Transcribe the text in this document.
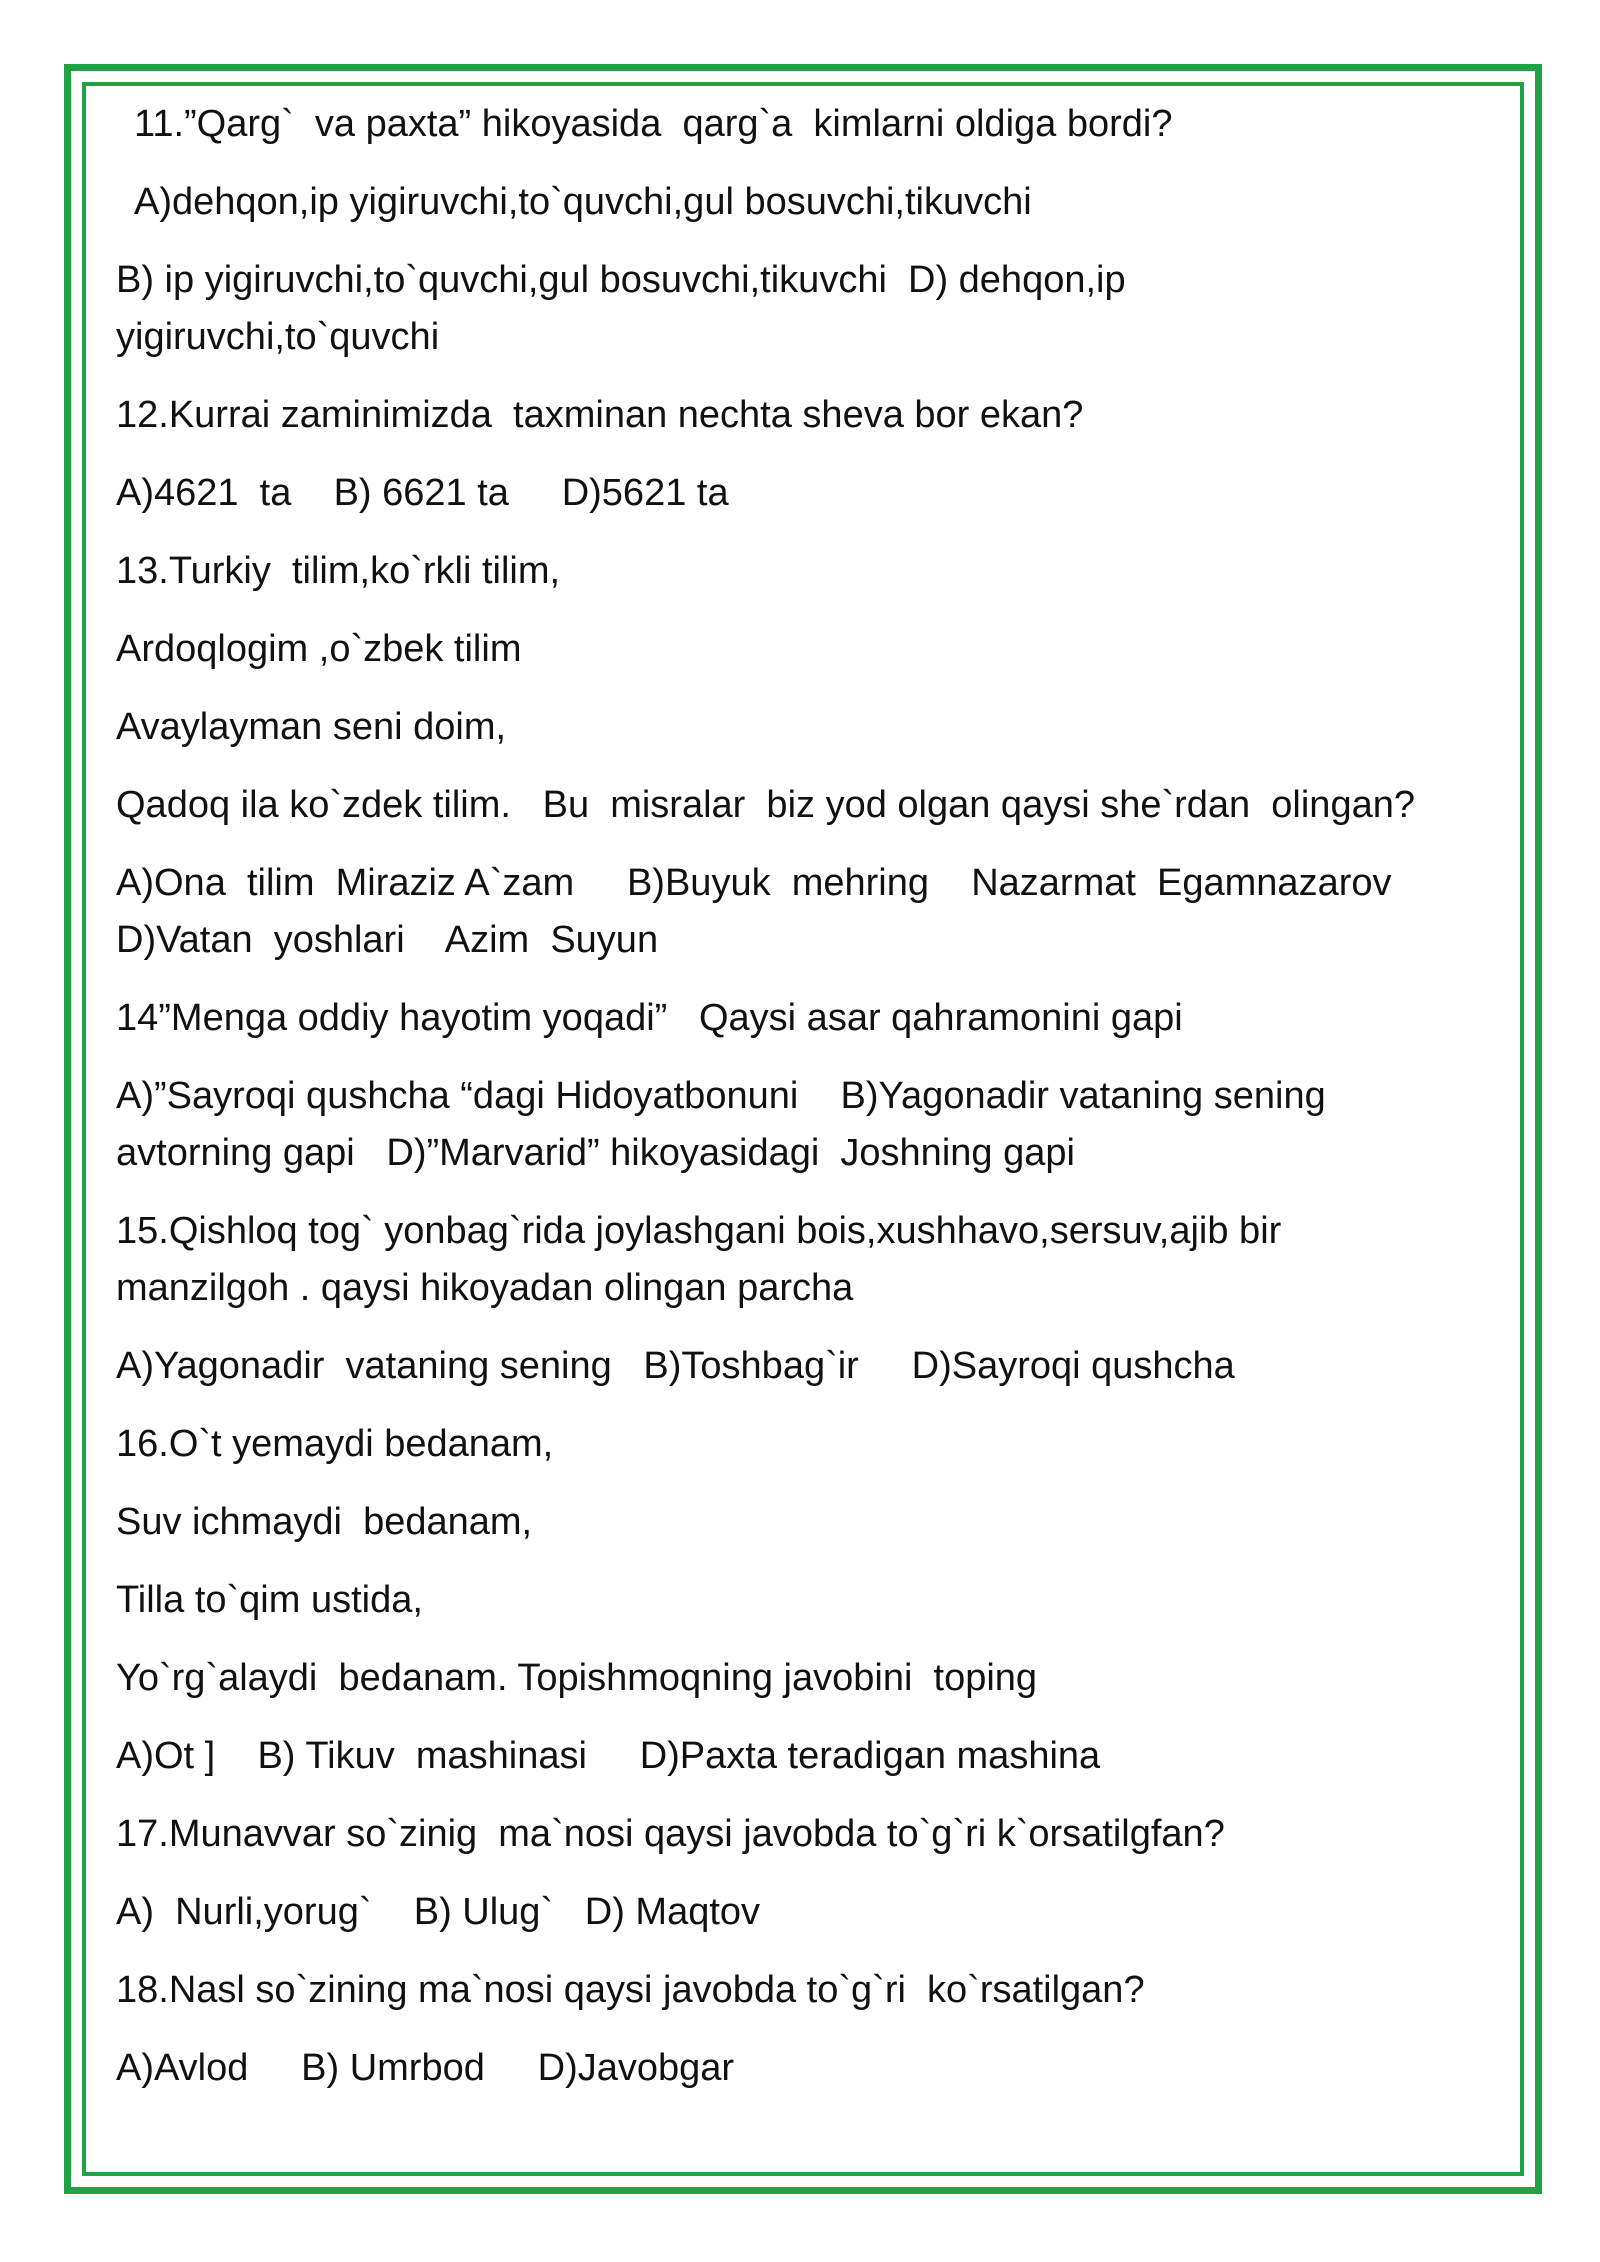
11.”Qarg`  va paxta” hikoyasida  qarg`a  kimlarni oldiga bordi?
A)dehqon,ip yigiruvchi,to`quvchi,gul bosuvchi,tikuvchi
B) ip yigiruvchi,to`quvchi,gul bosuvchi,tikuvchi  D) dehqon,ip
yigiruvchi,to`quvchi
12.Kurrai zaminimizda  taxminan nechta sheva bor ekan?
A)4621  ta    B) 6621 ta     D)5621 ta
13.Turkiy  tilim,ko`rkli tilim,
Ardoqlogim ,o`zbek tilim
Avaylayman seni doim,
Qadoq ila ko`zdek tilim.   Bu  misralar  biz yod olgan qaysi she`rdan  olingan?
A)Ona  tilim  Miraziz A`zam     B)Buyuk  mehring    Nazarmat  Egamnazarov
D)Vatan  yoshlari    Azim  Suyun
14”Menga oddiy hayotim yoqadi”   Qaysi asar qahramonini gapi
A)”Sayroqi qushcha “dagi Hidoyatbonuni    B)Yagonadir vataning sening
avtorning gapi   D)”Marvarid” hikoyasidagi  Joshning gapi
15.Qishloq tog` yonbag`rida joylashgani bois,xushhavo,sersuv,ajib bir
manzilgoh . qaysi hikoyadan olingan parcha
A)Yagonadir  vataning sening   B)Toshbag`ir     D)Sayroqi qushcha
16.O`t yemaydi bedanam,
Suv ichmaydi  bedanam,
Tilla to`qim ustida,
Yo`rg`alaydi  bedanam. Topishmoqning javobini  toping
A)Ot ]    B) Tikuv  mashinasi     D)Paxta teradigan mashina
17.Munavvar so`zinig  ma`nosi qaysi javobda to`g`ri k`orsatilgfan?
A)  Nurli,yorug`    B) Ulug`   D) Maqtov
18.Nasl so`zining ma`nosi qaysi javobda to`g`ri  ko`rsatilgan?
A)Avlod     B) Umrbod     D)Javobgar
